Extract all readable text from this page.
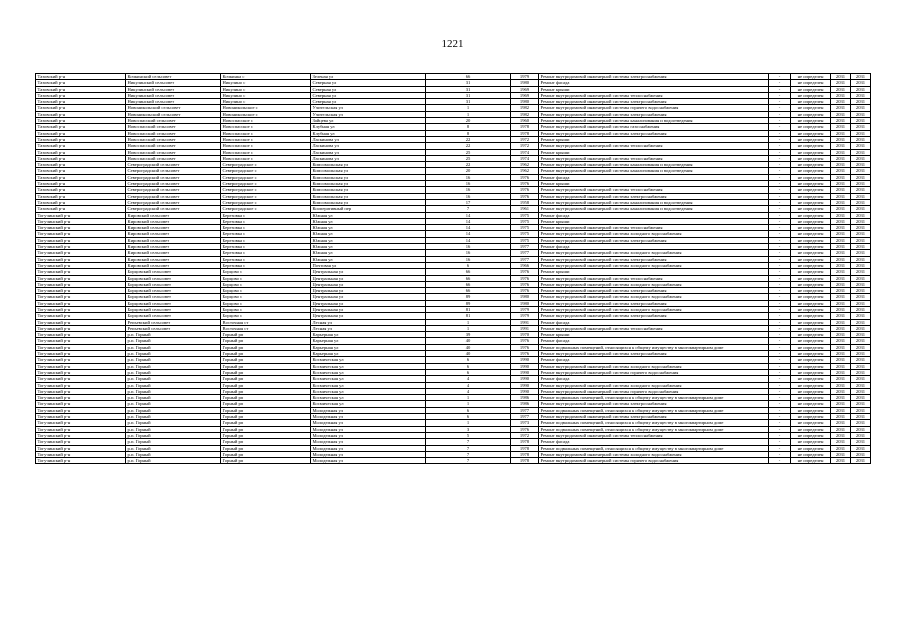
1221
Тазовский р-н	Кочкинский сельсовет	Кочкинка с	Зеленая ул	66	1979	Ремонт внутридомовой инженерной системы электроснабжения	-	не определен	2031	2031
Тазовский р-н	Никулинский сельсовет	Никулино с	Северная ул	31	1980	Ремонт фасада	-	не определен	2031	2031
Тазовский р-н	Никулинский сельсовет	Никулино с	Северная ул	31	1969	Ремонт крыши	-	не определен	2031	2031
Тазовский р-н	Никулинский сельсовет	Никулино с	Северная ул	31	1969	Ремонт внутридомовой инженерной системы теплоснабжения	-	не определен	2031	2031
Тазовский р-н	Никулинский сельсовет	Никулино с	Северная ул	31	1980	Ремонт внутридомовой инженерной системы электроснабжения	-	не определен	2031	2031
Тазовский р-н	Новоникольский сельсовет	Новоникольское с	Учительская ул	1	1982	Ремонт внутридомовой инженерной системы горячего водоснабжения	-	не определен	2031	2031
Тазовский р-н	Новоникольский сельсовет	Новоникольское с	Учительская ул	1	1982	Ремонт внутридомовой инженерной системы электроснабжения	-	не определен	2031	2031
Тазовский р-н	Новоспасский сельсовет	Новоспасское с	Зайцева ул	20	1960	Ремонт внутридомовой инженерной системы канализования и водоотведения	-	не определен	2031	2031
Тазовский р-н	Новоспасский сельсовет	Новоспасское с	Клубная ул	8	1978	Ремонт внутридомовой инженерной системы газоснабжения	-	не определен	2031	2031
Тазовский р-н	Новоспасский сельсовет	Новоспасское с	Клубная ул	8	1978	Ремонт внутридомовой инженерной системы электроснабжения	-	не определен	2031	2031
Тазовский р-н	Новоспасский сельсовет	Новоспасское с	Ласкинова ул	22	1972	Ремонт крыши	-	не определен	2031	2031
Тазовский р-н	Новоспасский сельсовет	Новоспасское с	Ласкинова ул	22	1972	Ремонт внутридомовой инженерной системы теплоснабжения	-	не определен	2031	2031
Тазовский р-н	Новоспасский сельсовет	Новоспасское с	Ласкинова ул	25	1974	Ремонт крыши	-	не определен	2031	2031
Тазовский р-н	Новоспасский сельсовет	Новоспасское с	Ласкинова ул	25	1974	Ремонт внутридомовой инженерной системы теплоснабжения	-	не определен	2031	2031
Тазовский р-н	Североградский сельсовет	Североградское с	Комсомольская ул	22	1962	Ремонт внутридомовой инженерной системы канализования и водоотведения	-	не определен	2031	2031
Тазовский р-н	Североградский сельсовет	Североградское с	Комсомольская ул	20	1962	Ремонт внутридомовой инженерной системы канализования и водоотведения	-	не определен	2031	2031
Тазовский р-н	Североградский сельсовет	Североградское с	Комсомольская ул	16	1976	Ремонт фасада	-	не определен	2031	2031
Тазовский р-н	Североградский сельсовет	Североградское с	Комсомольская ул	16	1976	Ремонт крыши	-	не определен	2031	2031
Тазовский р-н	Североградский сельсовет	Североградское с	Комсомольская ул	16	1976	Ремонт внутридомовой инженерной системы теплоснабжения	-	не определен	2031	2031
Тазовский р-н	Североградский сельсовет	Североградское с	Комсомольская ул	16	1976	Ремонт внутридомовой инженерной системы электроснабжения	-	не определен	2031	2031
Тазовский р-н	Североградский сельсовет	Североградское с	Комсомольская ул	17	1958	Ремонт внутридомовой инженерной системы канализования и водоотведения	-	не определен	2031	2031
Тазовский р-н	Североградский сельсовет	Североградское с	Кооперативный пер	7	1961	Ремонт внутридомовой инженерной системы канализования и водоотведения	-	не определен	2031	2031
Тогучинский р-н	Кировский сельсовет	Березовка с	Южная ул	14	1975	Ремонт фасада	-	не определен	2031	2031
Тогучинский р-н	Кировский сельсовет	Березовка с	Южная ул	14	1975	Ремонт крыши	-	не определен	2031	2031
Тогучинский р-н	Кировский сельсовет	Березовка с	Южная ул	14	1975	Ремонт внутридомовой инженерной системы теплоснабжения	-	не определен	2031	2031
Тогучинский р-н	Кировский сельсовет	Березовка с	Южная ул	14	1975	Ремонт внутридомовой инженерной системы холодного водоснабжения	-	не определен	2031	2031
Тогучинский р-н	Кировский сельсовет	Березовка с	Южная ул	14	1975	Ремонт внутридомовой инженерной системы электроснабжения	-	не определен	2031	2031
Тогучинский р-н	Кировский сельсовет	Березовка с	Южная ул	16	1977	Ремонт фасада	-	не определен	2031	2031
Тогучинский р-н	Кировский сельсовет	Березовка с	Южная ул	16	1977	Ремонт внутридомовой инженерной системы холодного водоснабжения	-	не определен	2031	2031
Тогучинский р-н	Кировский сельсовет	Березовка с	Южная ул	16	1977	Ремонт внутридомовой инженерной системы электроснабжения	-	не определен	2031	2031
Тогучинский р-н	Кировский сельсовет	Березовка с	Почтовая ул	6	1966	Ремонт внутридомовой инженерной системы холодного водоснабжения	-	не определен	2031	2031
Тогучинский р-н	Борцовский сельсовет	Борцово с	Центральная ул	66	1976	Ремонт крыши	-	не определен	2031	2031
Тогучинский р-н	Борцовский сельсовет	Борцово с	Центральная ул	66	1976	Ремонт внутридомовой инженерной системы теплоснабжения	-	не определен	2031	2031
Тогучинский р-н	Борцовский сельсовет	Борцово с	Центральная ул	66	1976	Ремонт внутридомовой инженерной системы холодного водоснабжения	-	не определен	2031	2031
Тогучинский р-н	Борцовский сельсовет	Борцово с	Центральная ул	66	1976	Ремонт внутридомовой инженерной системы электроснабжения	-	не определен	2031	2031
Тогучинский р-н	Борцовский сельсовет	Борцово с	Центральная ул	89	1980	Ремонт внутридомовой инженерной системы холодного водоснабжения	-	не определен	2031	2031
Тогучинский р-н	Борцовский сельсовет	Борцово с	Центральная ул	89	1980	Ремонт внутридомовой инженерной системы электроснабжения	-	не определен	2031	2031
Тогучинский р-н	Борцовский сельсовет	Борцово с	Центральная ул	81	1979	Ремонт внутридомовой инженерной системы холодного водоснабжения	-	не определен	2031	2031
Тогучинский р-н	Борцовский сельсовет	Борцово с	Центральная ул	81	1979	Ремонт внутридомовой инженерной системы электроснабжения	-	не определен	2031	2031
Тогучинский р-н	Репьевский сельсовет	Восточная ст	Лесная ул	1	1991	Ремонт фасада	-	не определен	2031	2031
Тогучинский р-н	Репьевский сельсовет	Восточная ст	Лесная ул	1	1991	Ремонт внутридомовой инженерной системы теплоснабжения	-	не определен	2031	2031
Тогучинский р-н	р.п. Горный	Горный рп	Карьерная ул	39	1970	Ремонт крыши	-	не определен	2031	2031
Тогучинский р-н	р.п. Горный	Горный рп	Карьерная ул	40	1976	Ремонт фасада	-	не определен	2031	2031
Тогучинский р-н	р.п. Горный	Горный рп	Карьерная ул	40	1976	Ремонт подвальных помещений, относящихся к общему имуществу в многоквартирном доме	-	не определен	2031	2031
Тогучинский р-н	р.п. Горный	Горный рп	Карьерная ул	40	1976	Ремонт внутридомовой инженерной системы электроснабжения	-	не определен	2031	2031
Тогучинский р-н	р.п. Горный	Горный рп	Космическая ул	6	1990	Ремонт фасада	-	не определен	2031	2031
Тогучинский р-н	р.п. Горный	Горный рп	Космическая ул	6	1990	Ремонт внутридомовой инженерной системы холодного водоснабжения	-	не определен	2031	2031
Тогучинский р-н	р.п. Горный	Горный рп	Космическая ул	6	1990	Ремонт внутридомовой инженерной системы горячего водоснабжения	-	не определен	2031	2031
Тогучинский р-н	р.п. Горный	Горный рп	Космическая ул	4	1990	Ремонт фасада	-	не определен	2031	2031
Тогучинский р-н	р.п. Горный	Горный рп	Космическая ул	4	1990	Ремонт внутридомовой инженерной системы холодного водоснабжения	-	не определен	2031	2031
Тогучинский р-н	р.п. Горный	Горный рп	Космическая ул	4	1990	Ремонт внутридомовой инженерной системы горячего водоснабжения	-	не определен	2031	2031
Тогучинский р-н	р.п. Горный	Горный рп	Космическая ул	1	1986	Ремонт подвальных помещений, относящихся к общему имуществу в многоквартирном доме	-	не определен	2031	2031
Тогучинский р-н	р.п. Горный	Горный рп	Космическая ул	1	1986	Ремонт внутридомовой инженерной системы электроснабжения	-	не определен	2031	2031
Тогучинский р-н	р.п. Горный	Горный рп	Молодежная ул	6	1977	Ремонт подвальных помещений, относящихся к общему имуществу в многоквартирном доме	-	не определен	2031	2031
Тогучинский р-н	р.п. Горный	Горный рп	Молодежная ул	6	1977	Ремонт внутридомовой инженерной системы электроснабжения	-	не определен	2031	2031
Тогучинский р-н	р.п. Горный	Горный рп	Молодежная ул	1	1973	Ремонт подвальных помещений, относящихся к общему имуществу в многоквартирном доме	-	не определен	2031	2031
Тогучинский р-н	р.п. Горный	Горный рп	Молодежная ул	3	1976	Ремонт подвальных помещений, относящихся к общему имуществу в многоквартирном доме	-	не определен	2031	2031
Тогучинский р-н	р.п. Горный	Горный рп	Молодежная ул	5	1972	Ремонт внутридомовой инженерной системы теплоснабжения	-	не определен	2031	2031
Тогучинский р-н	р.п. Горный	Горный рп	Молодежная ул	7	1978	Ремонт фасада	-	не определен	2031	2031
Тогучинский р-н	р.п. Горный	Горный рп	Молодежная ул	7	1978	Ремонт подвальных помещений, относящихся к общему имуществу в многоквартирном доме	-	не определен	2031	2031
Тогучинский р-н	р.п. Горный	Горный рп	Молодежная ул	7	1978	Ремонт внутридомовой инженерной системы холодного водоснабжения	-	не определен	2031	2031
Тогучинский р-н	р.п. Горный	Горный рп	Молодежная ул	7	1978	Ремонт внутридомовой инженерной системы горячего водоснабжения	-	не определен	2031	2031
